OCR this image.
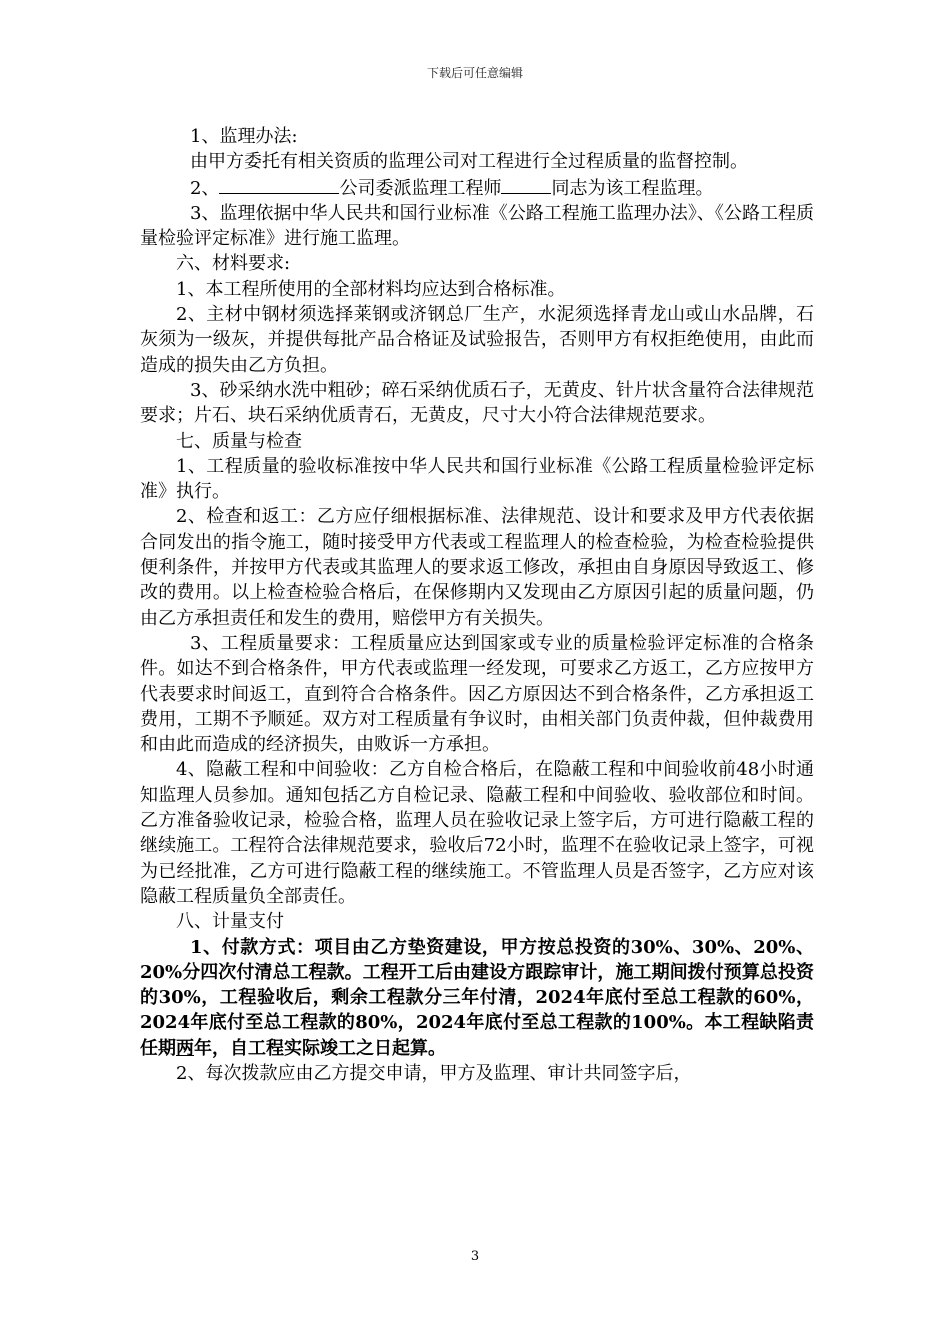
下载后可任意编辑

1、监理办法:

由甲方委托有相关资质的监理公司对工程进行全过程质量的监督控制。

2、	公司委派监理工程师	同志为该工程监理。

3、监理依据中华人民共和国行业标准《公路工程施工监理办法》、《公路工程质量检验评定标准》进行施工监理。

六、材料要求:

1、本工程所使用的全部材料均应达到合格标准。

2、主材中钢材须选择莱钢或济钢总厂生产，水泥须选择青龙山或山水品牌，石灰须为一级灰，并提供每批产品合格证及试验报告，否则甲方有权拒绝使用，由此而造成的损失由乙方负担。

3、砂采纳水洗中粗砂；碎石采纳优质石子，无黄皮、针片状含量符合法律规范要求；片石、块石采纳优质青石，无黄皮，尺寸大小符合法律规范要求。

七、质量与检查

1、工程质量的验收标准按中华人民共和国行业标准《公路工程质量检验评定标准》执行。

2、检查和返工：乙方应仔细根据标准、法律规范、设计和要求及甲方代表依据合同发出的指令施工，随时接受甲方代表或工程监理人的检查检验，为检查检验提供便利条件，并按甲方代表或其监理人的要求返工修改，承担由自身原因导致返工、修改的费用。以上检查检验合格后，在保修期内又发现由乙方原因引起的质量问题，仍由乙方承担责任和发生的费用，赔偿甲方有关损失。

3、工程质量要求：工程质量应达到国家或专业的质量检验评定标准的合格条件。如达不到合格条件，甲方代表或监理一经发现，可要求乙方返工，乙方应按甲方代表要求时间返工，直到符合合格条件。因乙方原因达不到合格条件，乙方承担返工费用，工期不予顺延。双方对工程质量有争议时，由相关部门负责仲裁，但仲裁费用和由此而造成的经济损失，由败诉一方承担。

4、隐蔽工程和中间验收：乙方自检合格后，在隐蔽工程和中间验收前48小时通知监理人员参加。通知包括乙方自检记录、隐蔽工程和中间验收、验收部位和时间。乙方准备验收记录，检验合格，监理人员在验收记录上签字后，方可进行隐蔽工程的继续施工。工程符合法律规范要求，验收后72小时，监理不在验收记录上签字，可视为已经批准，乙方可进行隐蔽工程的继续施工。不管监理人员是否签字，乙方应对该隐蔽工程质量负全部责任。

八、计量支付

1、付款方式：项目由乙方垫资建设，甲方按总投资的30%、30%、20%、20%分四次付清总工程款。工程开工后由建设方跟踪审计，施工期间拨付预算总投资的30%，工程验收后，剩余工程款分三年付清，2024年底付至总工程款的60%，2024年底付至总工程款的80%，2024年底付至总工程款的100%。本工程缺陷责任期两年，自工程实际竣工之日起算。

2、每次拨款应由乙方提交申请，甲方及监理、审计共同签字后，

3
